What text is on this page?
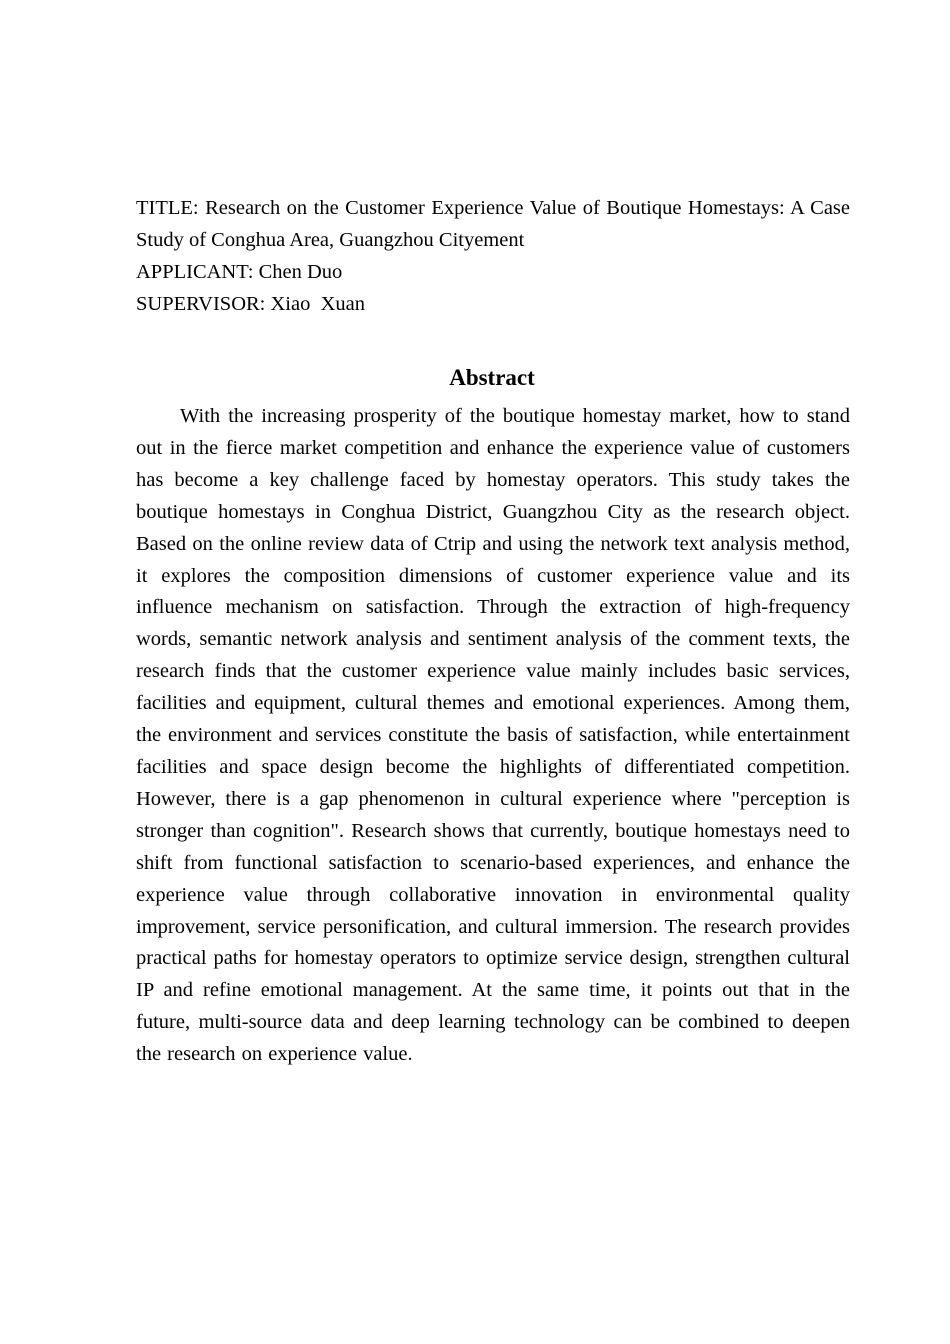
TITLE: Research on the Customer Experience Value of Boutique Homestays: A Case Study of Conghua Area, Guangzhou Cityement
APPLICANT: Chen Duo
SUPERVISOR: Xiao  Xuan
Abstract

With the increasing prosperity of the boutique homestay market, how to stand out in the fierce market competition and enhance the experience value of customers has become a key challenge faced by homestay operators. This study takes the boutique homestays in Conghua District, Guangzhou City as the research object. Based on the online review data of Ctrip and using the network text analysis method, it explores the composition dimensions of customer experience value and its influence mechanism on satisfaction. Through the extraction of high-frequency words, semantic network analysis and sentiment analysis of the comment texts, the research finds that the customer experience value mainly includes basic services, facilities and equipment, cultural themes and emotional experiences. Among them, the environment and services constitute the basis of satisfaction, while entertainment facilities and space design become the highlights of differentiated competition. However, there is a gap phenomenon in cultural experience where "perception is stronger than cognition". Research shows that currently, boutique homestays need to shift from functional satisfaction to scenario-based experiences, and enhance the experience value through collaborative innovation in environmental quality improvement, service personification, and cultural immersion. The research provides practical paths for homestay operators to optimize service design, strengthen cultural IP and refine emotional management. At the same time, it points out that in the future, multi-source data and deep learning technology can be combined to deepen the research on experience value.
